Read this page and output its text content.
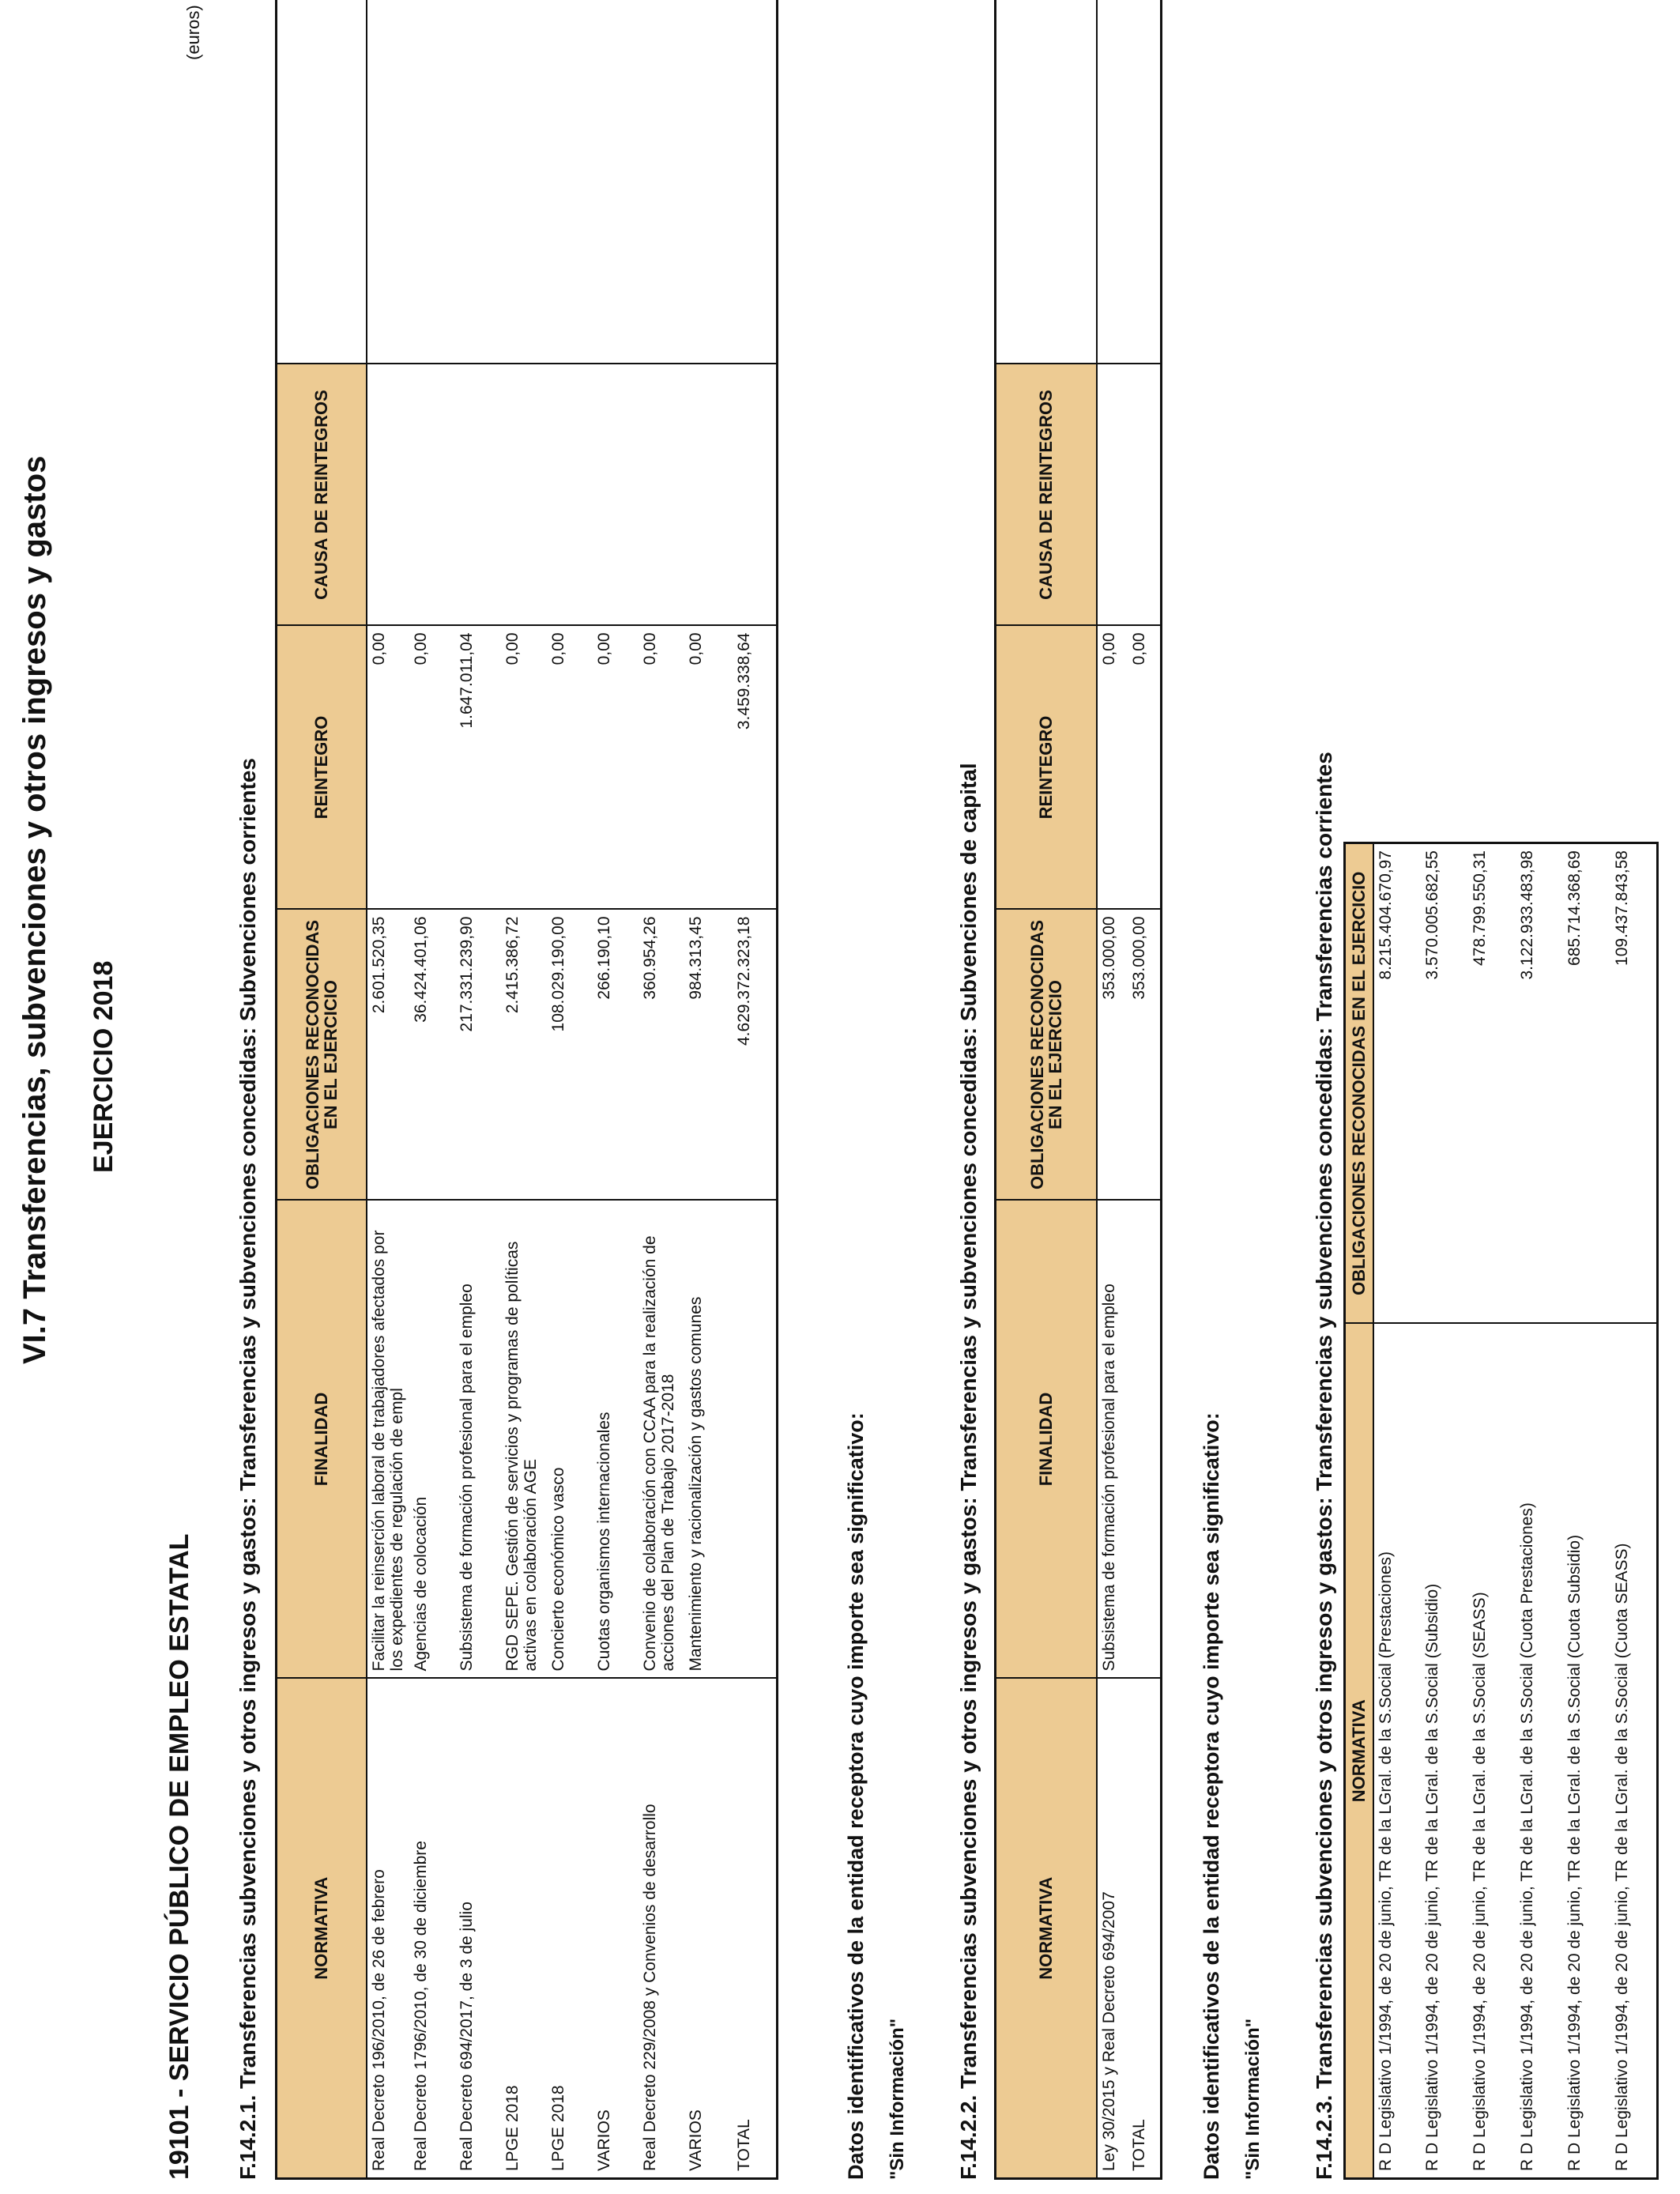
VI.7 Transferencias, subvenciones y otros ingresos y gastos EJERCICIO 2018
19101 - SERVICIO PÚBLICO DE EMPLEO ESTATAL
(euros)
F.14.2.1. Transferencias subvenciones y otros ingresos y gastos: Transferencias y subvenciones concedidas: Subvenciones corrientes	NORMATIVA	FINALIDAD	OBLIGACIONES RECONOCIDAS EN EL EJERCICIO	REINTEGRO	CAUSA DE REINTEGROS	
Real Decreto 196/2010, de 26 de febrero	Facilitar la reinserción laboral de trabajadores afectados por los expedientes de regulación de empl	2.601.520,35	0,00		
Real Decreto 1796/2010, de 30 de diciembre	Agencias de colocación	36.424.401,06	0,00		
Real Decreto 694/2017, de 3 de julio	Subsistema de formación profesional para el empleo	217.331.239,90	1.647.011,04		
LPGE 2018	RGD SEPE. Gestión de servicios y programas de políticas activas en colaboración AGE	2.415.386,72	0,00		
LPGE 2018	Concierto económico vasco	108.029.190,00	0,00		
VARIOS	Cuotas organismos internacionales	266.190,10	0,00		
Real Decreto 229/2008 y Convenios de desarrollo	Convenio de colaboración con CCAA para la realización de acciones del Plan de Trabajo 2017-2018	360.954,26	0,00		
VARIOS	Mantenimiento y racionalización y gastos comunes	984.313,45	0,00		
TOTAL		4.629.372.323,18	3.459.338,64		
Datos identificativos de la entidad receptora cuyo importe sea significativo: "Sin Información" F.14.2.2. Transferencias subvenciones y otros ingresos y gastos: Transferencias y subvenciones concedidas: Subvenciones de capital	NORMATIVA	FINALIDAD	OBLIGACIONES RECONOCIDAS EN EL EJERCICIO	REINTEGRO	CAUSA DE REINTEGROS	
Ley 30/2015 y Real Decreto 694/2007	Subsistema de formación profesional para el empleo	353.000,00	0,00		
TOTAL		353.000,00	0,00		
Datos identificativos de la entidad receptora cuyo importe sea significativo: "Sin Información" F.14.2.3. Transferencias subvenciones y otros ingresos y gastos: Transferencias y subvenciones concedidas: Transferencias corrientes NORMATIVA	OBLIGACIONES RECONOCIDAS EN EL EJERCICIO
R D Legislativo 1/1994, de 20 de junio, TR de la LGral. de la S.Social (Prestaciones)	8.215.404.670,97
R D Legislativo 1/1994, de 20 de junio, TR de la LGral. de la S.Social (Subsidio)	3.570.005.682,55
R D Legislativo 1/1994, de 20 de junio, TR de la LGral. de la S.Social (SEASS)	478.799.550,31
R D Legislativo 1/1994, de 20 de junio, TR de la LGral. de la S.Social (Cuota Prestaciones)	3.122.933.483,98
R D Legislativo 1/1994, de 20 de junio, TR de la LGral. de la S.Social (Cuota Subsidio)	685.714.368,69
R D Legislativo 1/1994, de 20 de junio, TR de la LGral. de la S.Social (Cuota SEASS)	109.437.843,58
